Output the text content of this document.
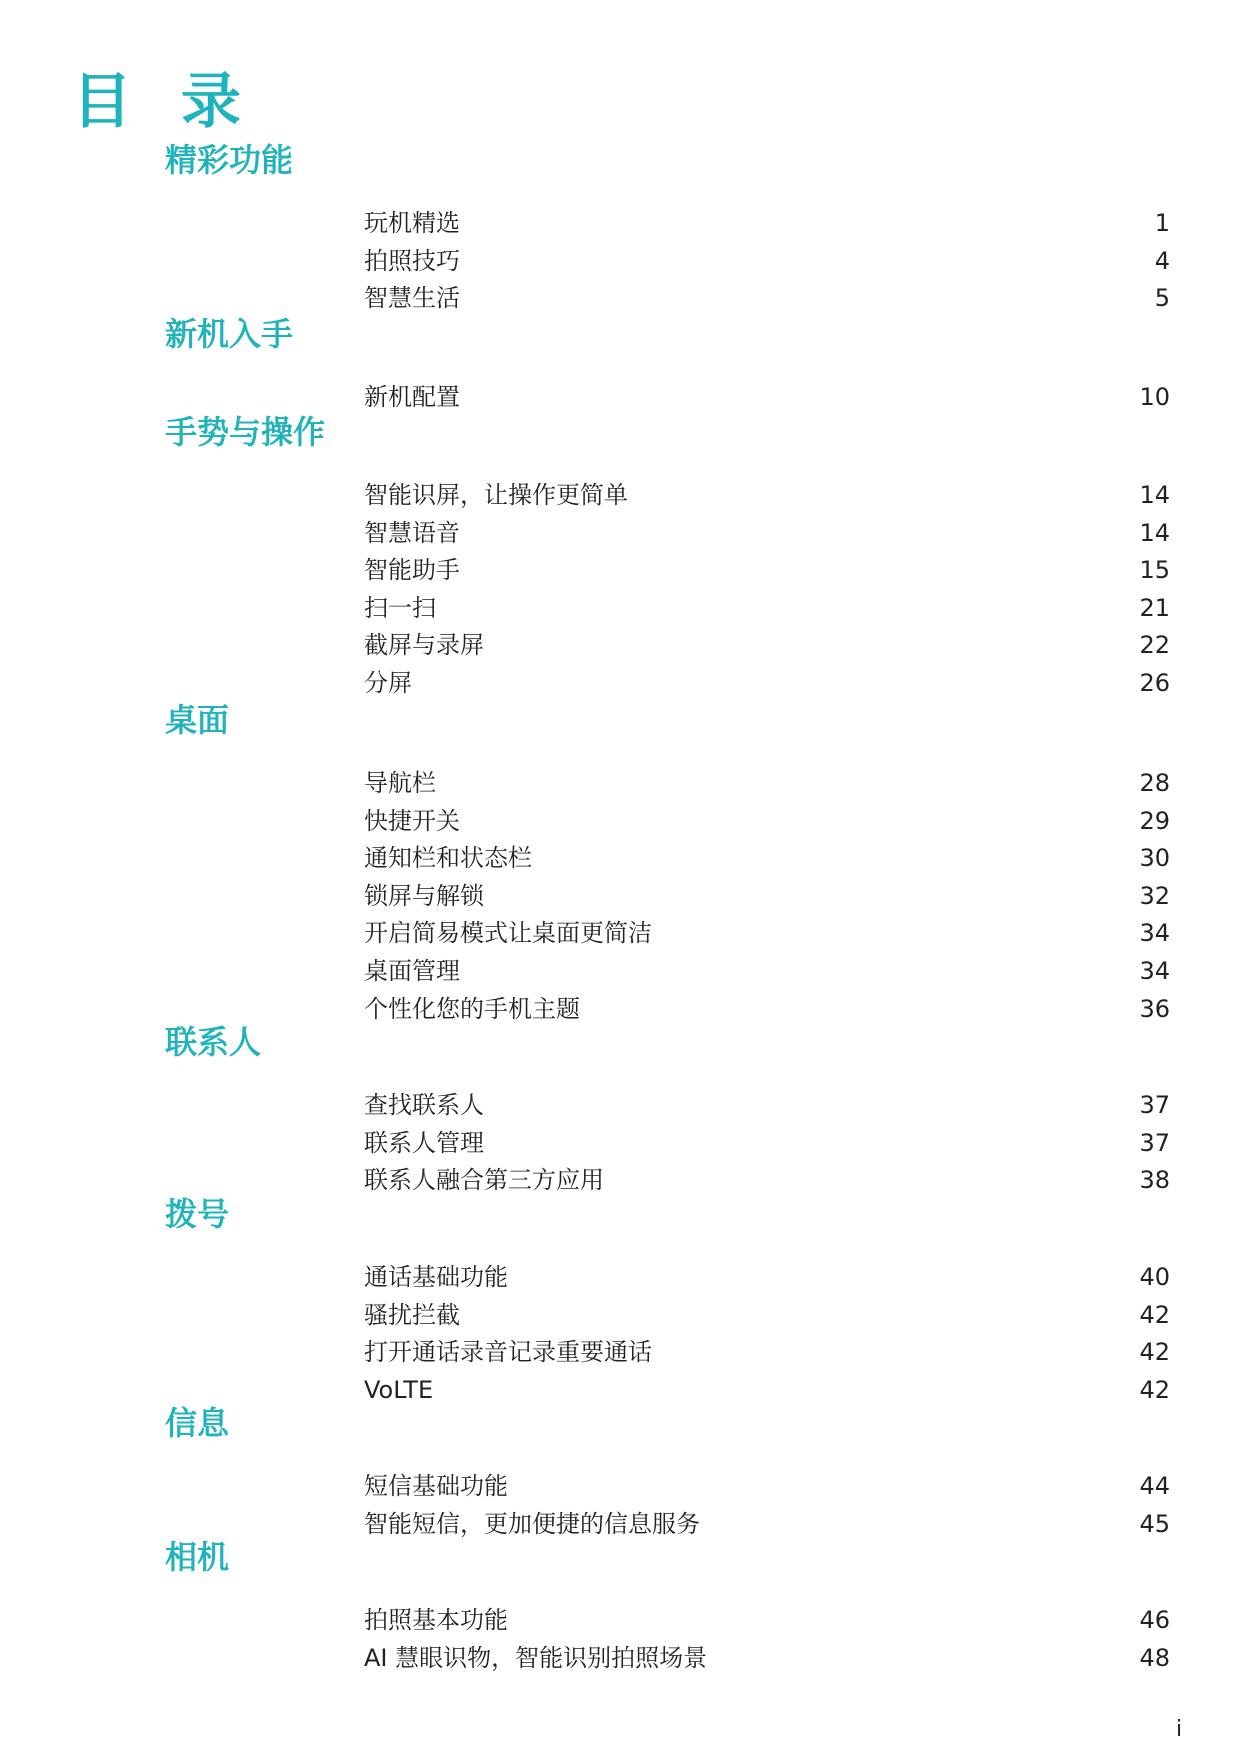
目 录
精彩功能
玩机精选	1
拍照技巧	4
智慧生活	5
新机入手
新机配置	10
手势与操作
智能识屏，让操作更简单	14
智慧语音	14
智能助手	15
扫一扫	21
截屏与录屏	22
分屏	26
桌面
导航栏	28
快捷开关	29
通知栏和状态栏	30
锁屏与解锁	32
开启简易模式让桌面更简洁	34
桌面管理	34
个性化您的手机主题	36
联系人
查找联系人	37
联系人管理	37
联系人融合第三方应用	38
拨号
通话基础功能	40
骚扰拦截	42
打开通话录音记录重要通话	42
VoLTE	42
信息
短信基础功能	44
智能短信，更加便捷的信息服务	45
相机
拍照基本功能	46
AI 慧眼识物，智能识别拍照场景	48
i
